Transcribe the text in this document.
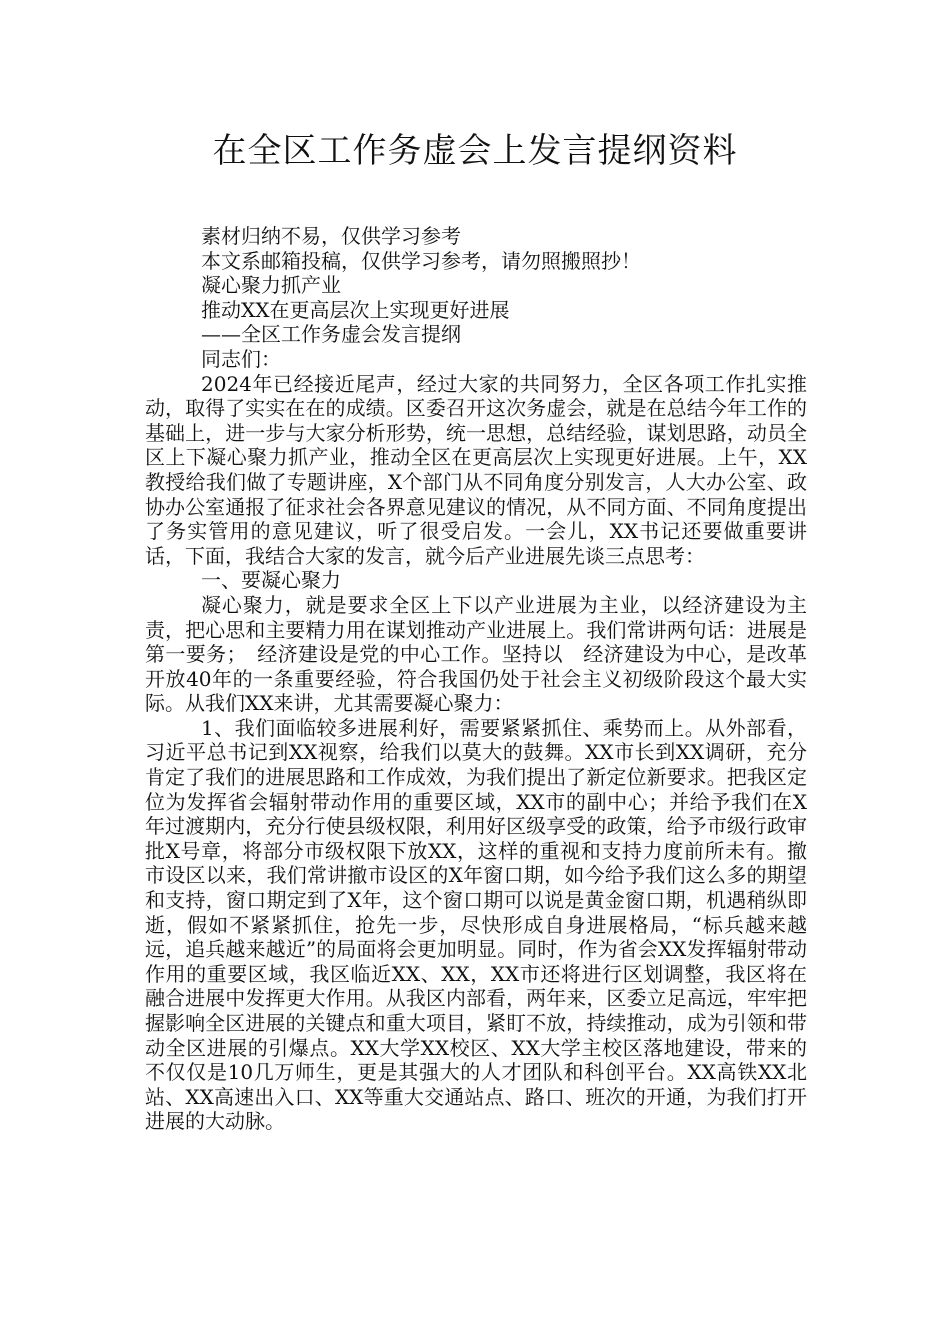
在全区工作务虚会上发言提纲资料
素材归纳不易，仅供学习参考
本文系邮箱投稿，仅供学习参考，请勿照搬照抄！
凝心聚力抓产业
推动XX在更高层次上实现更好进展
——全区工作务虚会发言提纲
同志们：

2024年已经接近尾声，经过大家的共同努力，全区各项工作扎实推动，取得了实实在在的成绩。区委召开这次务虚会，就是在总结今年工作的基础上，进一步与大家分析形势，统一思想，总结经验，谋划思路，动员全区上下凝心聚力抓产业，推动全区在更高层次上实现更好进展。上午，XX教授给我们做了专题讲座，X个部门从不同角度分别发言，人大办公室、政协办公室通报了征求社会各界意见建议的情况，从不同方面、不同角度提出了务实管用的意见建议，听了很受启发。一会儿，XX书记还要做重要讲话，下面，我结合大家的发言，就今后产业进展先谈三点思考：

一、要凝心聚力

凝心聚力，就是要求全区上下以产业进展为主业，以经济建设为主责，把心思和主要精力用在谋划推动产业进展上。我们常讲两句话：进展是第一要务；　经济建设是党的中心工作。坚持以　经济建设为中心，是改革开放40年的一条重要经验，符合我国仍处于社会主义初级阶段这个最大实际。从我们XX来讲，尤其需要凝心聚力：

1、我们面临较多进展利好，需要紧紧抓住、乘势而上。从外部看，习近平总书记到XX视察，给我们以莫大的鼓舞。XX市长到XX调研，充分肯定了我们的进展思路和工作成效，为我们提出了新定位新要求。把我区定位为发挥省会辐射带动作用的重要区域，XX市的副中心；并给予我们在X年过渡期内，充分行使县级权限，利用好区级享受的政策，给予市级行政审批X号章，将部分市级权限下放XX，这样的重视和支持力度前所未有。撤市设区以来，我们常讲撤市设区的X年窗口期，如今给予我们这么多的期望和支持，窗口期定到了X年，这个窗口期可以说是黄金窗口期，机遇稍纵即逝，假如不紧紧抓住，抢先一步，尽快形成自身进展格局，“标兵越来越远，追兵越来越近”的局面将会更加明显。同时，作为省会XX发挥辐射带动作用的重要区域，我区临近XX、XX，XX市还将进行区划调整，我区将在融合进展中发挥更大作用。从我区内部看，两年来，区委立足高远，牢牢把握影响全区进展的关键点和重大项目，紧盯不放，持续推动，成为引领和带动全区进展的引爆点。XX大学XX校区、XX大学主校区落地建设，带来的不仅仅是10几万师生，更是其强大的人才团队和科创平台。XX高铁XX北站、XX高速出入口、XX等重大交通站点、路口、班次的开通，为我们打开进展的大动脉。
